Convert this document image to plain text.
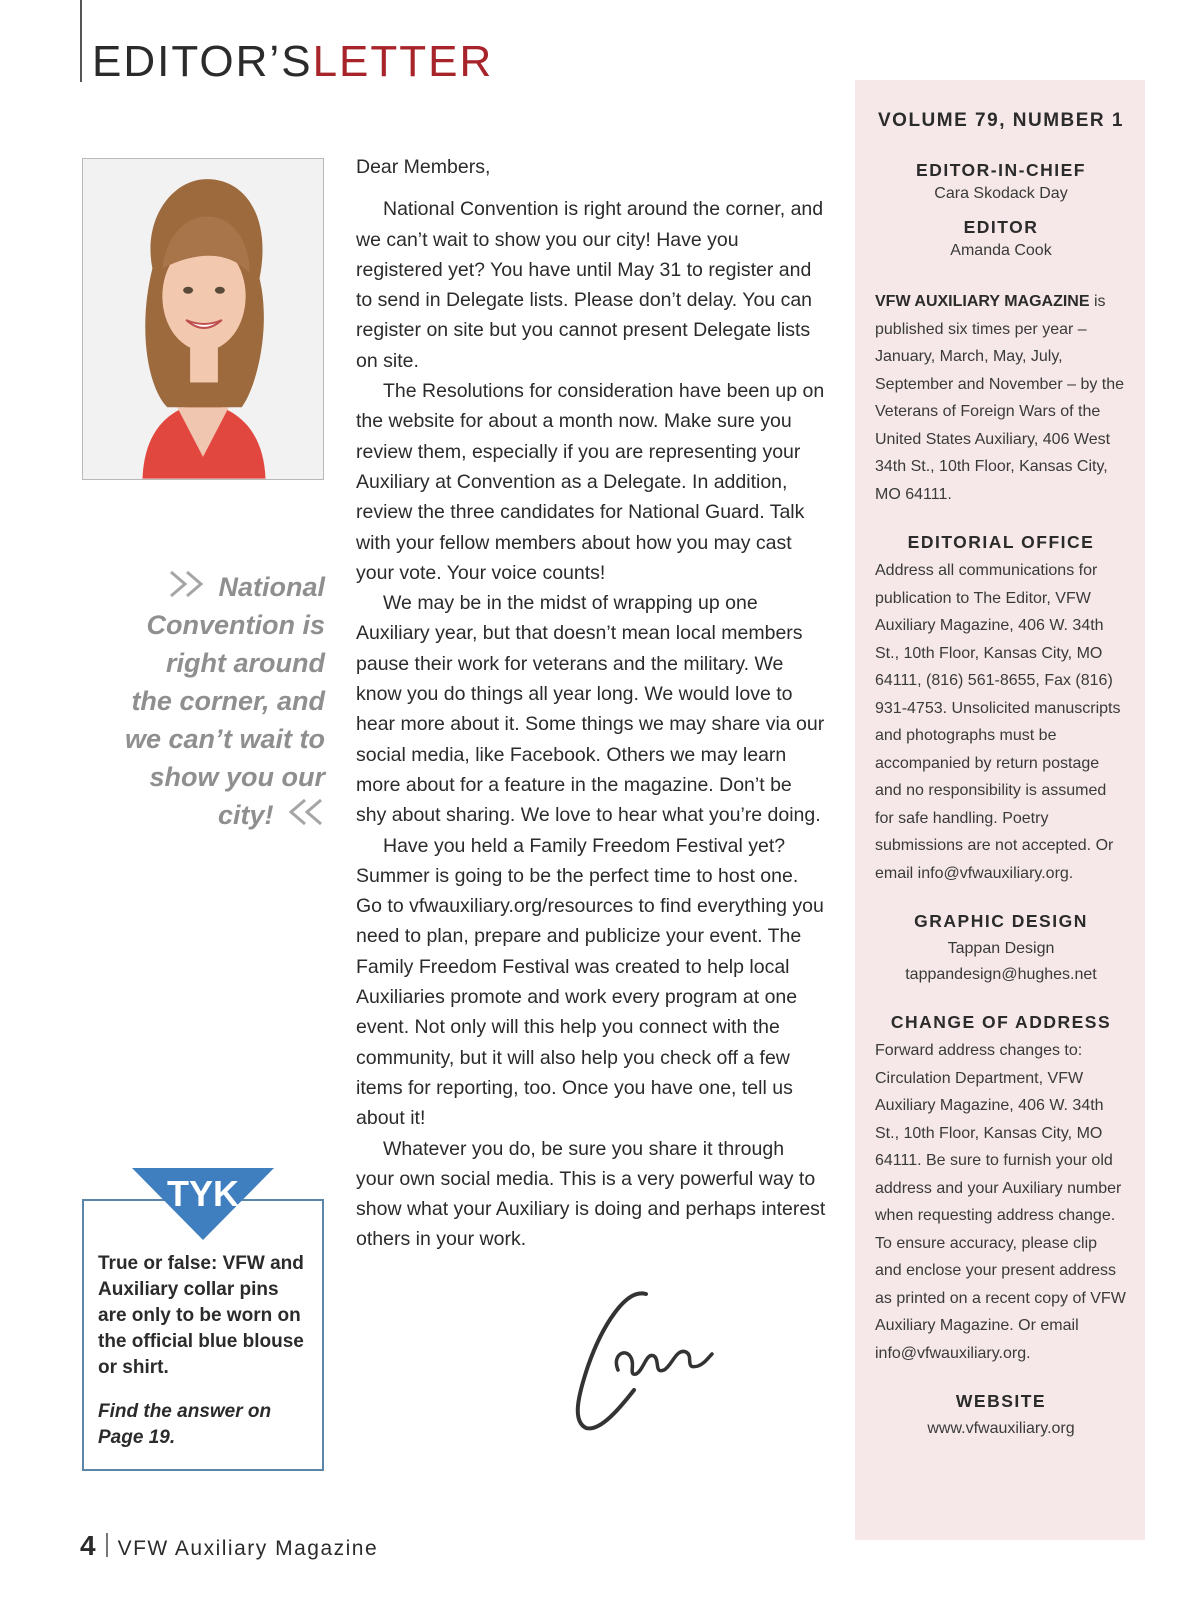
EDITOR’SLETTER
National Convention is right around the corner, and we can’t wait to show you our city!
TYK
True or false: VFW and Auxiliary collar pins are only to be worn on the official blue blouse or shirt.
Find the answer on Page 19.

Dear Members,

National Convention is right around the corner, and we can’t wait to show you our city! Have you registered yet? You have until May 31 to register and to send in Delegate lists. Please don’t delay. You can register on site but you cannot present Delegate lists on site.

The Resolutions for consideration have been up on the website for about a month now. Make sure you review them, especially if you are representing your Auxiliary at Convention as a Delegate. In addition, review the three candidates for National Guard. Talk with your fellow members about how you may cast your vote. Your voice counts!

We may be in the midst of wrapping up one Auxiliary year, but that doesn’t mean local members pause their work for veterans and the military. We know you do things all year long. We would love to hear more about it. Some things we may share via our social media, like Facebook. Others we may learn more about for a feature in the magazine. Don’t be shy about sharing. We love to hear what you’re doing.

Have you held a Family Freedom Festival yet? Summer is going to be the perfect time to host one. Go to vfwauxiliary.org/resources to find everything you need to plan, prepare and publicize your event. The Family Freedom Festival was created to help local Auxiliaries promote and work every program at one event. Not only will this help you connect with the community, but it will also help you check off a few items for reporting, too. Once you have one, tell us about it!

Whatever you do, be sure you share it through your own social media. This is a very powerful way to show what your Auxiliary is doing and perhaps interest others in your work.

VOLUME 79, NUMBER 1
EDITOR-IN-CHIEF
Cara Skodack Day
EDITOR
Amanda Cook
VFW AUXILIARY MAGAZINE is published six times per year – January, March, May, July, September and November – by the Veterans of Foreign Wars of the United States Auxiliary, 406 West 34th St., 10th Floor, Kansas City, MO 64111.
EDITORIAL OFFICE
Address all communications for publication to The Editor, VFW Auxiliary Magazine, 406 W. 34th St., 10th Floor, Kansas City, MO 64111, (816) 561-8655, Fax (816) 931-4753. Unsolicited manuscripts and photographs must be accompanied by return postage and no responsibility is assumed for safe handling. Poetry submissions are not accepted. Or email info@vfwauxiliary.org.
GRAPHIC DESIGN
Tappan Design
tappandesign@hughes.net
CHANGE OF ADDRESS
Forward address changes to: Circulation Department, VFW Auxiliary Magazine, 406 W. 34th St., 10th Floor, Kansas City, MO 64111. Be sure to furnish your old address and your Auxiliary number when requesting address change. To ensure accuracy, please clip and enclose your present address as printed on a recent copy of VFW Auxiliary Magazine. Or email info@vfwauxiliary.org.
WEBSITE
www.vfwauxiliary.org
4 VFW Auxiliary Magazine
